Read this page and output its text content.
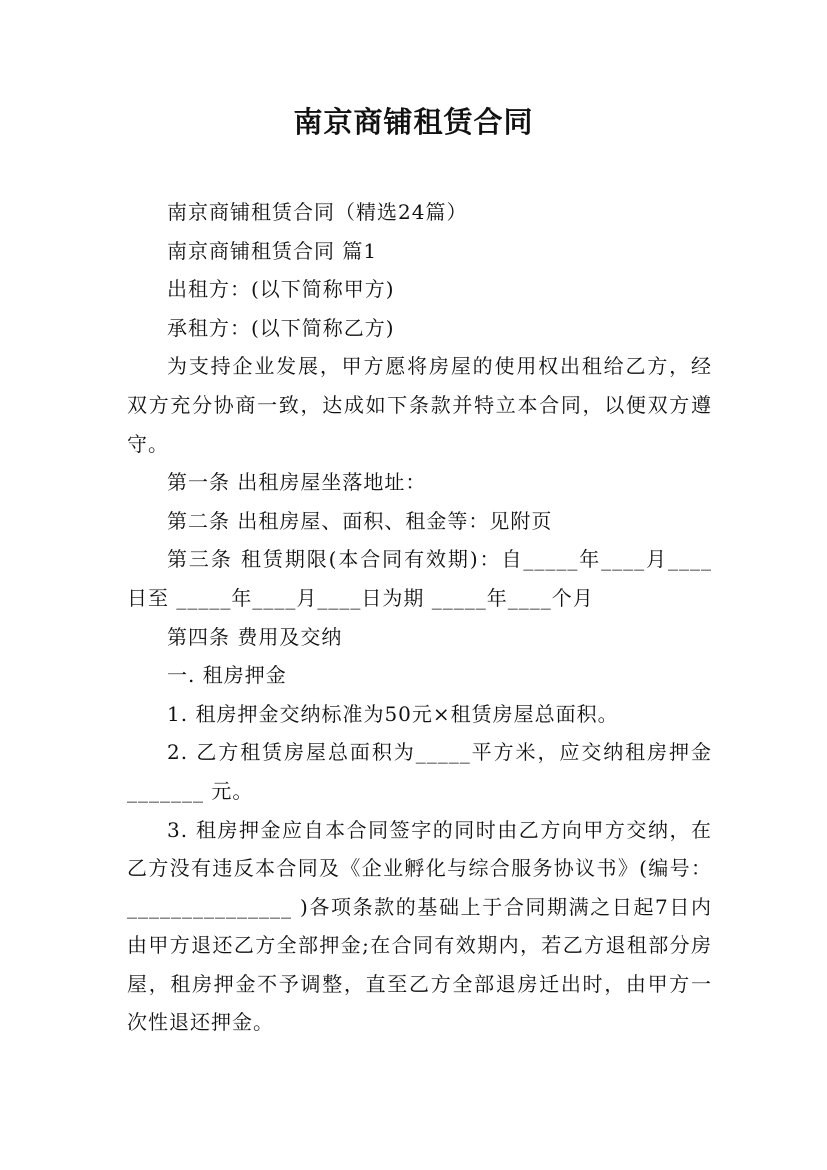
南京商铺租赁合同

南京商铺租赁合同（精选24篇）

南京商铺租赁合同 篇1

出租方：(以下简称甲方)

承租方：(以下简称乙方)

为支持企业发展，甲方愿将房屋的使用权出租给乙方，经双方充分协商一致，达成如下条款并特立本合同，以便双方遵守。

第一条 出租房屋坐落地址：

第二条 出租房屋、面积、租金等：见附页

第三条 租赁期限(本合同有效期)：自_____年____月____日至 _____年____月____日为期 _____年____个月

第四条 费用及交纳

一. 租房押金

1. 租房押金交纳标准为50元×租赁房屋总面积。

2. 乙方租赁房屋总面积为_____平方米，应交纳租房押金_______ 元。

3. 租房押金应自本合同签字的同时由乙方向甲方交纳，在乙方没有违反本合同及《企业孵化与综合服务协议书》(编号：_______________ )各项条款的基础上于合同期满之日起7日内由甲方退还乙方全部押金;在合同有效期内，若乙方退租部分房屋，租房押金不予调整，直至乙方全部退房迁出时，由甲方一次性退还押金。
